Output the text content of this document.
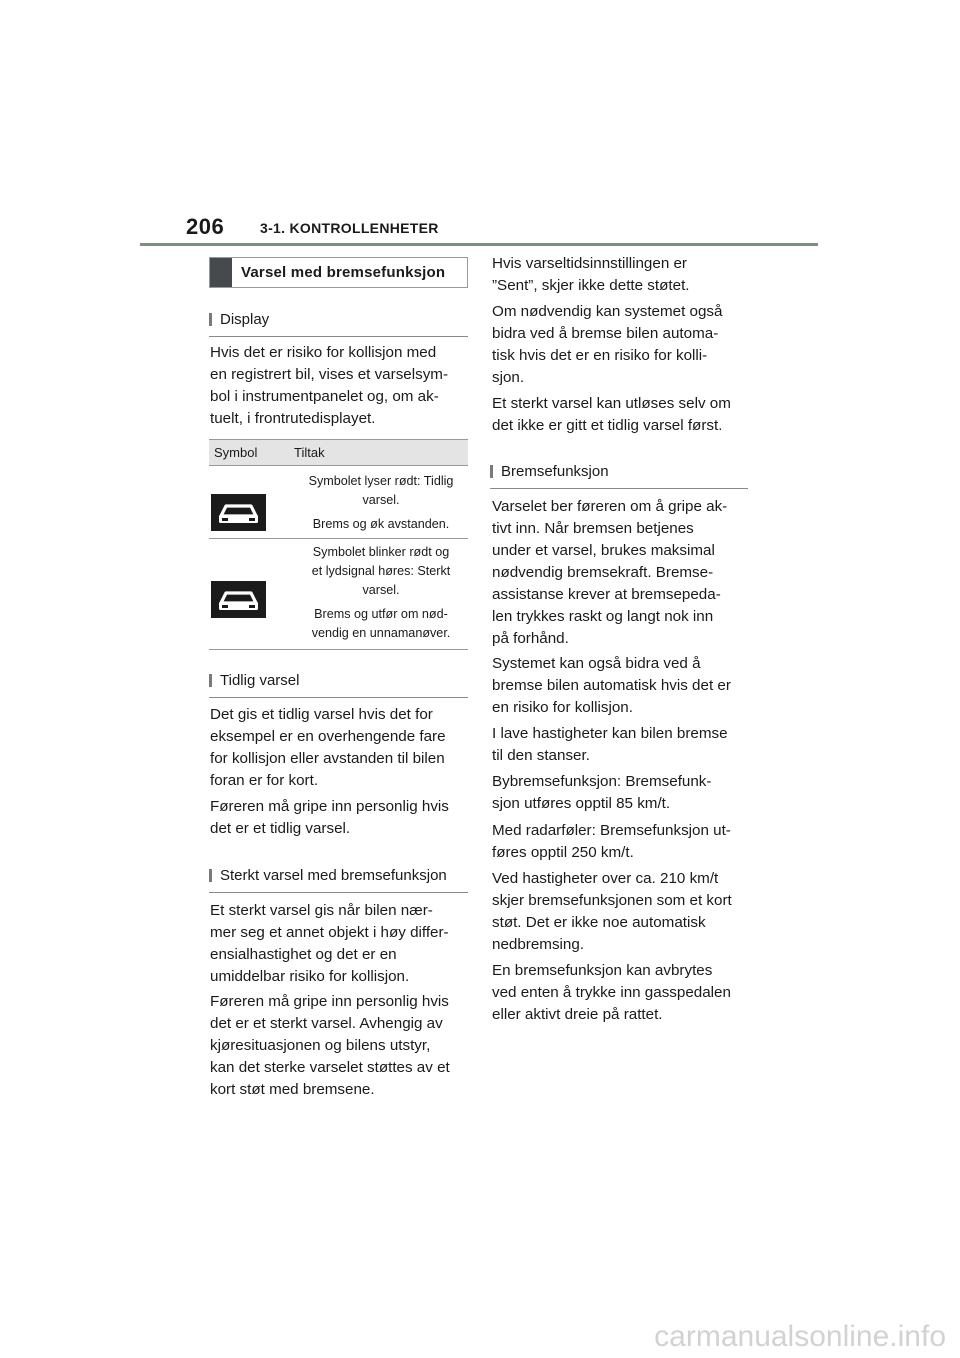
206	3-1. KONTROLLENHETER
Varsel med bremsefunksjon
Display
Hvis det er risiko for kollisjon med
en registrert bil, vises et varselsym-
bol i instrumentpanelet og, om ak-
tuelt, i frontrutedisplayet.
Symbol	Tiltak

Symbolet lyser rødt: Tidlig
varsel.

Brems og øk avstanden.

Symbolet blinker rødt og
et lydsignal høres: Sterkt
varsel.

Brems og utfør om nød-
vendig en unnamanøver.

Tidlig varsel
Det gis et tidlig varsel hvis det for
eksempel er en overhengende fare
for kollisjon eller avstanden til bilen
foran er for kort.
Føreren må gripe inn personlig hvis
det er et tidlig varsel.
Sterkt varsel med bremsefunksjon
Et sterkt varsel gis når bilen nær-
mer seg et annet objekt i høy differ-
ensialhastighet og det er en
umiddelbar risiko for kollisjon.
Føreren må gripe inn personlig hvis
det er et sterkt varsel. Avhengig av
kjøresituasjonen og bilens utstyr,
kan det sterke varselet støttes av et
kort støt med bremsene.
Hvis varseltidsinnstillingen er
”Sent”, skjer ikke dette støtet.
Om nødvendig kan systemet også
bidra ved å bremse bilen automa-
tisk hvis det er en risiko for kolli-
sjon.
Et sterkt varsel kan utløses selv om
det ikke er gitt et tidlig varsel først.
Bremsefunksjon
Varselet ber føreren om å gripe ak-
tivt inn. Når bremsen betjenes
under et varsel, brukes maksimal
nødvendig bremsekraft. Bremse-
assistanse krever at bremsepeda-
len trykkes raskt og langt nok inn
på forhånd.
Systemet kan også bidra ved å
bremse bilen automatisk hvis det er
en risiko for kollisjon.
I lave hastigheter kan bilen bremse
til den stanser.
Bybremsefunksjon: Bremsefunk-
sjon utføres opptil 85 km/t.
Med radarføler: Bremsefunksjon ut-
føres opptil 250 km/t.
Ved hastigheter over ca. 210 km/t
skjer bremsefunksjonen som et kort
støt. Det er ikke noe automatisk
nedbremsing.
En bremsefunksjon kan avbrytes
ved enten å trykke inn gasspedalen
eller aktivt dreie på rattet.
carmanualsonline.info
